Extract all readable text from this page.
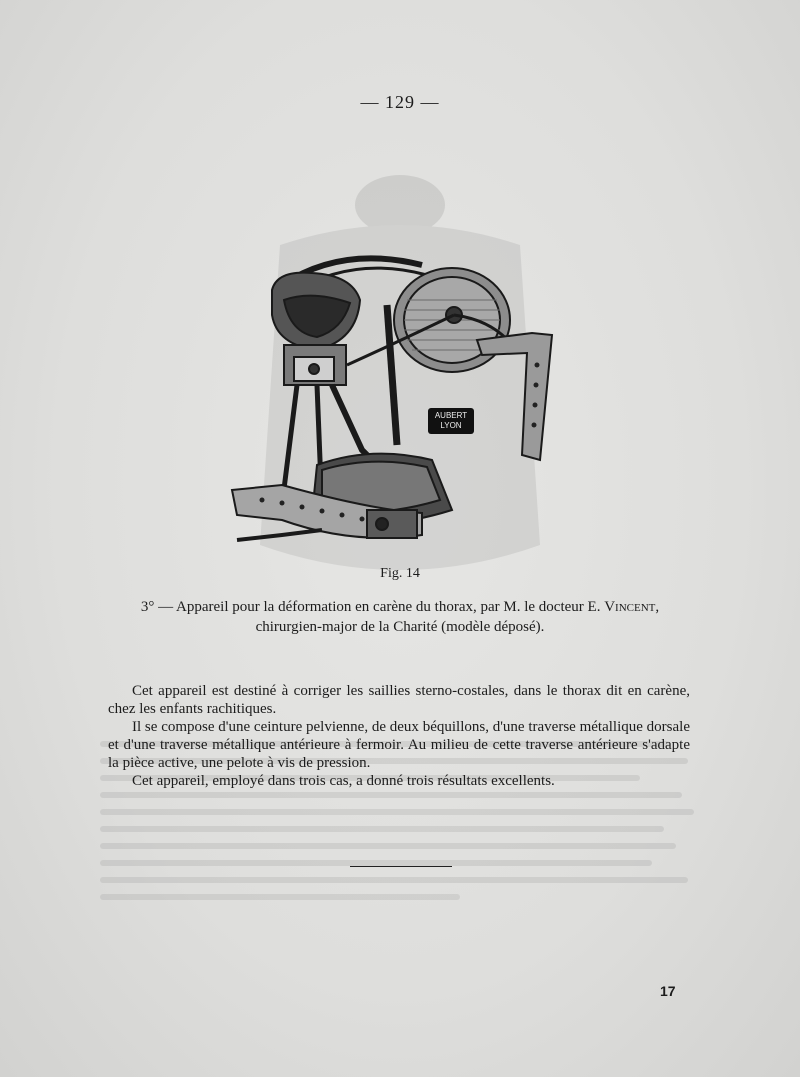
— 129 —
AUBERT
LYON
Fig. 14
3° — Appareil pour la déformation en carène du thorax, par M. le docteur E. Vincent,
chirurgien-major de la Charité (modèle déposé).

Cet appareil est destiné à corriger les saillies sterno-costales, dans le thorax dit en carène, chez les enfants rachitiques.

Il se compose d'une ceinture pelvienne, de deux béquillons, d'une traverse métallique dorsale et d'une traverse métallique antérieure à fermoir. Au milieu de cette traverse antérieure s'adapte la pièce active, une pelote à vis de pression.

Cet appareil, employé dans trois cas, a donné trois résultats excellents.

17
